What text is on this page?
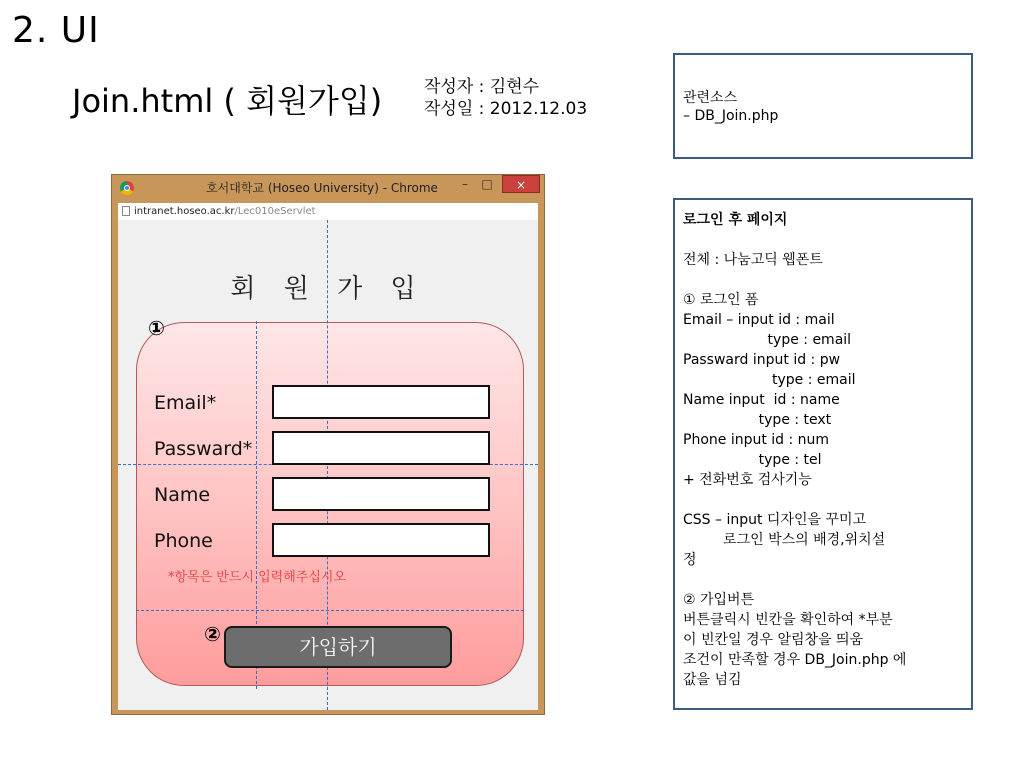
2. UI
Join.html ( 회원가입) 작성자 : 김현수
작성일 : 2012.12.03
관련소스
– DB_Join.php
로그인 후 페이지
전체 : 나눔고딕 웹폰트
① 로그인 폼
Email – input id : mail
type : email
Passward input id : pw
type : email
Name input  id : name
type : text
Phone input id : num
type : tel
+ 전화번호 검사기능
CSS – input 디자인을 꾸미고
로그인 박스의 배경,위치설
정
② 가입버튼
버튼클릭시 빈칸을 확인하여 *부분
이 빈칸일 경우 알림창을 띄움
조건이 만족할 경우 DB_Join.php 에
값을 넘김
호서대학교 (Hoseo University) - Chrome	–	□	×
intranet.hoseo.ac.kr/Lec010eServlet
회 원 가 입
①
Email*
Passward*
Name
Phone
*항목은 반드시 입력해주십시오
②
가입하기
